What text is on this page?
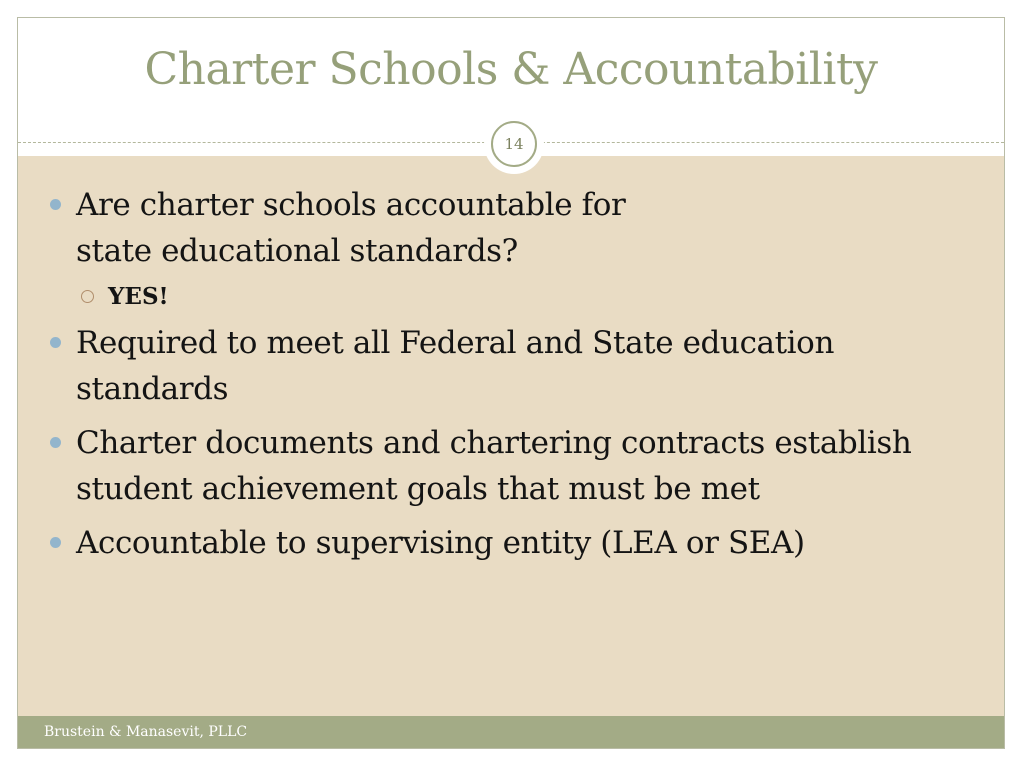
Charter Schools & Accountability
14
Are charter schools accountable for
state educational standards?
YES!
Required to meet all Federal and State education standards
Charter documents and chartering contracts establish student achievement goals that must be met
Accountable to supervising entity (LEA or SEA)
Brustein & Manasevit, PLLC
